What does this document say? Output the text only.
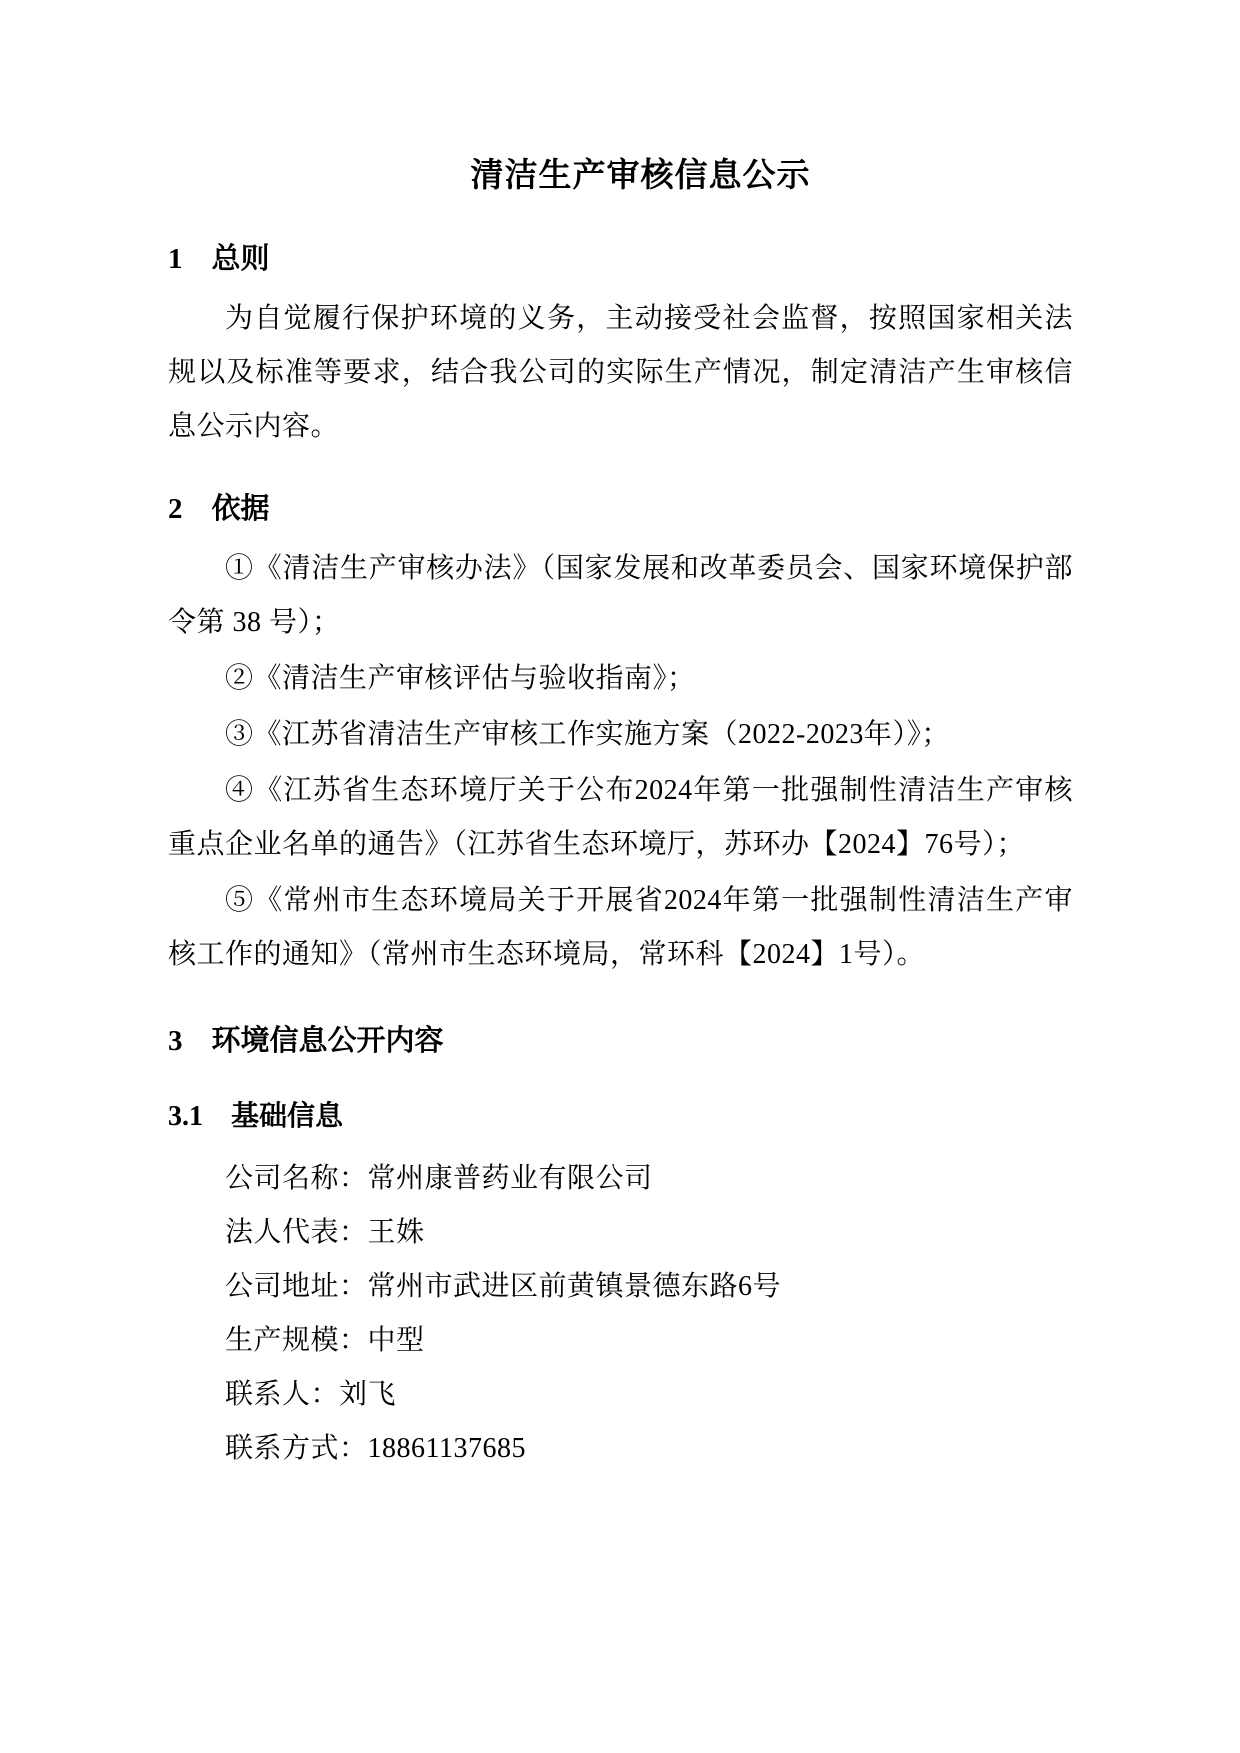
清洁生产审核信息公示
1　总则

为自觉履行保护环境的义务，主动接受社会监督，按照国家相关法规以及标准等要求，结合我公司的实际生产情况，制定清洁产生审核信息公示内容。

2　依据

①《清洁生产审核办法》（国家发展和改革委员会、国家环境保护部令第 38 号）；

②《清洁生产审核评估与验收指南》；

③《江苏省清洁生产审核工作实施方案（2022-2023年）》；

④《江苏省生态环境厅关于公布2024年第一批强制性清洁生产审核重点企业名单的通告》（江苏省生态环境厅，苏环办【2024】76号）；

⑤《常州市生态环境局关于开展省2024年第一批强制性清洁生产审核工作的通知》（常州市生态环境局，常环科【2024】1号）。

3　环境信息公开内容
3.1　基础信息

公司名称：常州康普药业有限公司

法人代表：王姝

公司地址：常州市武进区前黄镇景德东路6号

生产规模：中型

联系人：刘飞

联系方式：18861137685
